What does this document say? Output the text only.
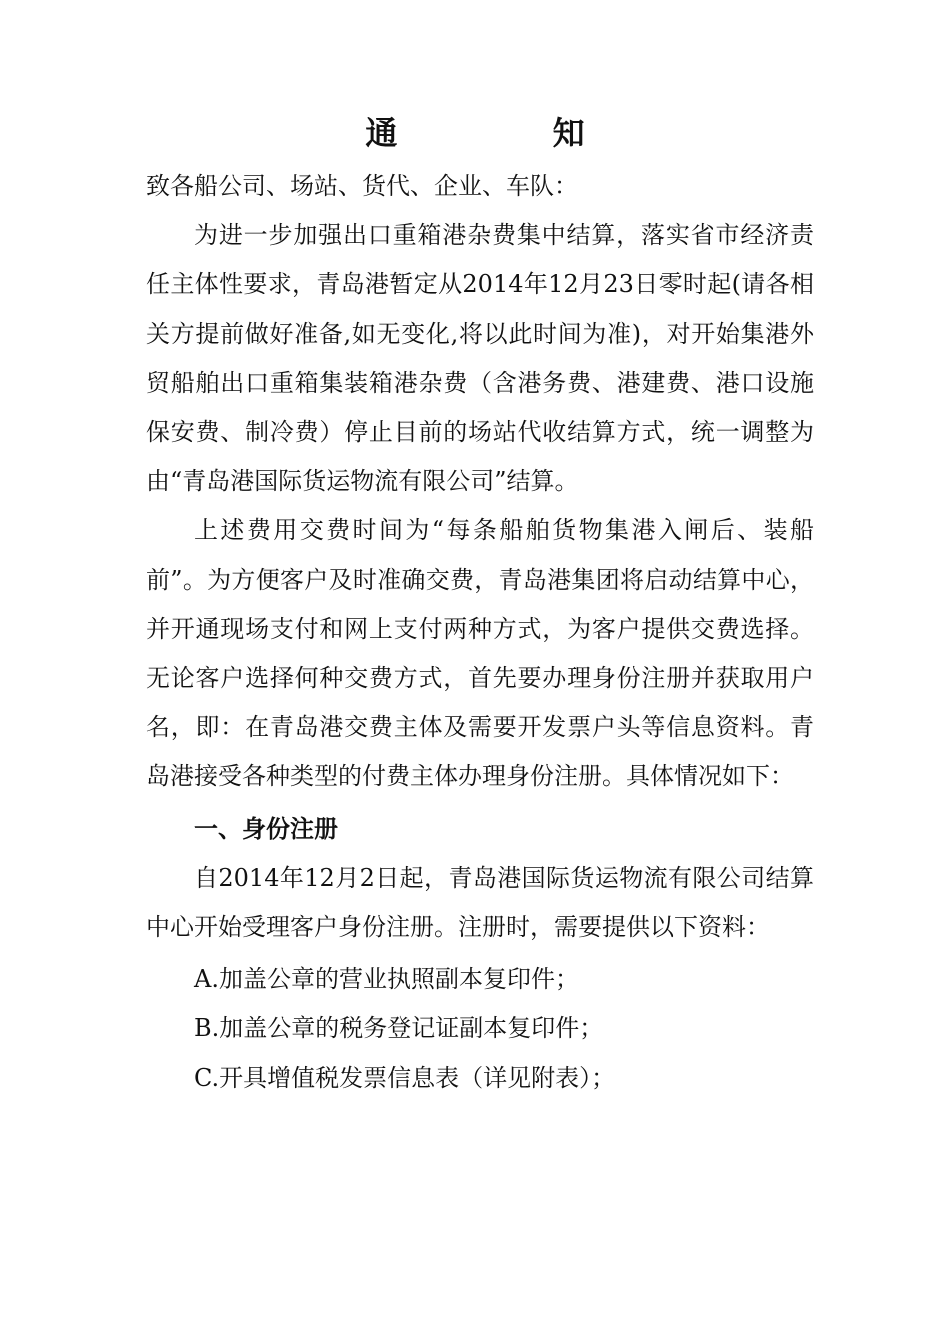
通 知

致各船公司、场站、货代、企业、车队：

为进一步加强出口重箱港杂费集中结算，落实省市经济责任主体性要求，青岛港暂定从2014年12月23日零时起(请各相关方提前做好准备,如无变化,将以此时间为准)，对开始集港外贸船舶出口重箱集装箱港杂费（含港务费、港建费、港口设施保安费、制冷费）停止目前的场站代收结算方式，统一调整为由“青岛港国际货运物流有限公司”结算。

上述费用交费时间为“每条船舶货物集港入闸后、装船前”。为方便客户及时准确交费，青岛港集团将启动结算中心，并开通现场支付和网上支付两种方式，为客户提供交费选择。无论客户选择何种交费方式，首先要办理身份注册并获取用户名，即：在青岛港交费主体及需要开发票户头等信息资料。青岛港接受各种类型的付费主体办理身份注册。具体情况如下：

一、身份注册

自2014年12月2日起，青岛港国际货运物流有限公司结算中心开始受理客户身份注册。注册时，需要提供以下资料：

A.加盖公章的营业执照副本复印件；

B.加盖公章的税务登记证副本复印件；

C.开具增值税发票信息表（详见附表）；
